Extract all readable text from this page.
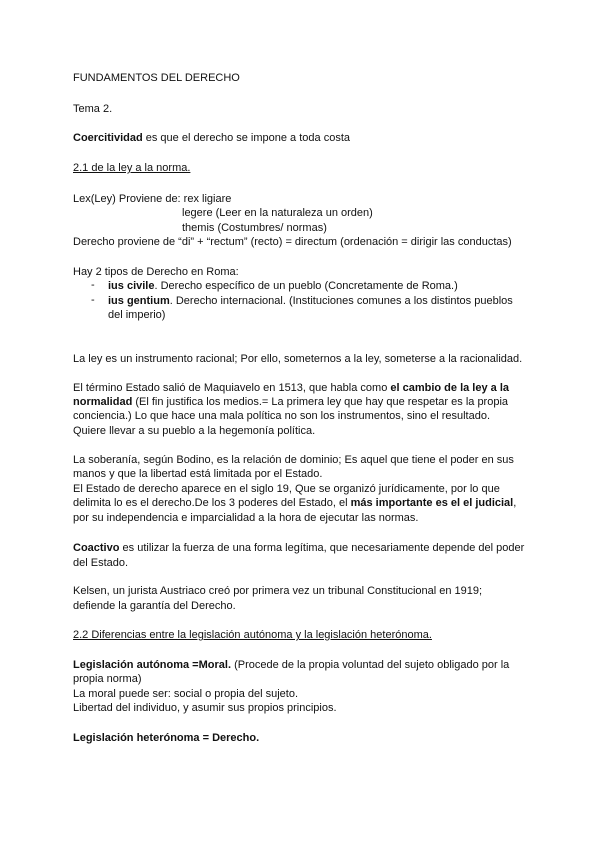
FUNDAMENTOS DEL DERECHO
Tema 2.
Coercitividad es que el derecho se impone a toda costa
2.1 de la ley a la norma.
Lex(Ley) Proviene de: rex ligiare
legere (Leer en la naturaleza un orden)
themis (Costumbres/ normas)
Derecho proviene de “di” + “rectum” (recto) = directum (ordenación = dirigir las conductas)
Hay 2 tipos de Derecho en Roma:
- ius civile. Derecho específico de un pueblo (Concretamente de Roma.)
- ius gentium. Derecho internacional. (Instituciones comunes a los distintos pueblos
del imperio)
La ley es un instrumento racional; Por ello, someternos a la ley, someterse a la racionalidad.
El término Estado salió de Maquiavelo en 1513, que habla como el cambio de la ley a la
normalidad (El fin justifica los medios.= La primera ley que hay que respetar es la propia
conciencia.) Lo que hace una mala política no son los instrumentos, sino el resultado.
Quiere llevar a su pueblo a la hegemonía política.
La soberanía, según Bodino, es la relación de dominio; Es aquel que tiene el poder en sus
manos y que la libertad está limitada por el Estado.
El Estado de derecho aparece en el siglo 19, Que se organizó jurídicamente, por lo que
delimita lo es el derecho.De los 3 poderes del Estado, el más importante es el el judicial,
por su independencia e imparcialidad a la hora de ejecutar las normas.
Coactivo es utilizar la fuerza de una forma legítima, que necesariamente depende del poder
del Estado.
Kelsen, un jurista Austriaco creó por primera vez un tribunal Constitucional en 1919;
defiende la garantía del Derecho.
2.2 Diferencias entre la legislación autónoma y la legislación heterónoma.
Legislación autónoma =Moral. (Procede de la propia voluntad del sujeto obligado por la
propia norma)
La moral puede ser: social o propia del sujeto.
Libertad del individuo, y asumir sus propios principios.
Legislación heterónoma = Derecho.
